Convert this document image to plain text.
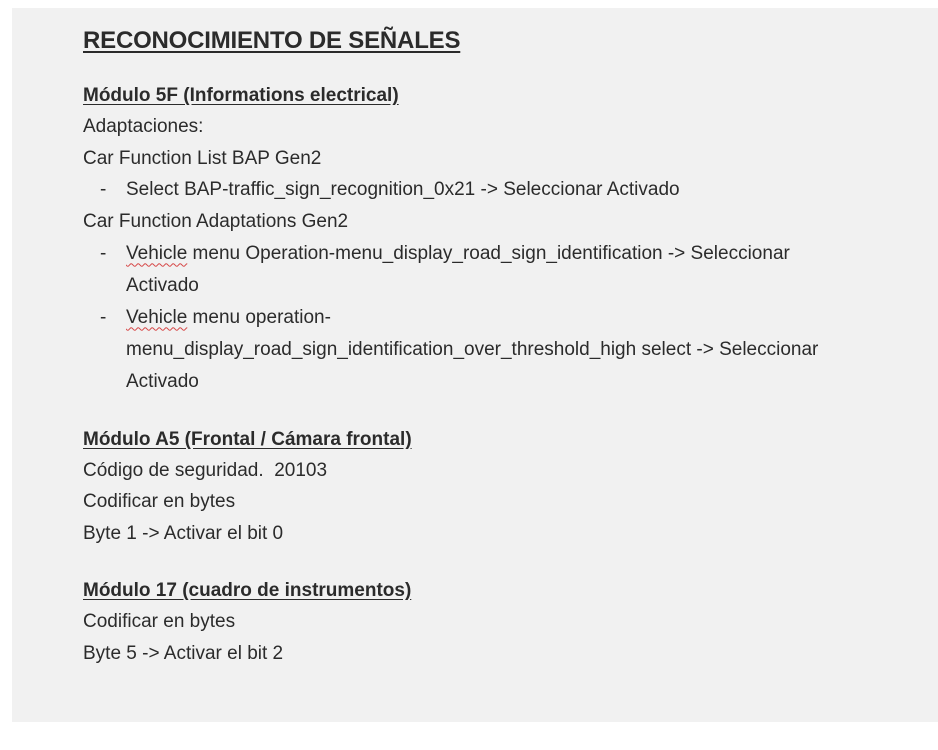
RECONOCIMIENTO DE SEÑALES
Módulo 5F (Informations electrical)

Adaptaciones:

Car Function List BAP Gen2

- Select BAP-traffic_sign_recognition_0x21 -> Seleccionar Activado

Car Function Adaptations Gen2

- Vehicle menu Operation-menu_display_road_sign_identification -> Seleccionar
Activado
- Vehicle menu operation-
menu_display_road_sign_identification_over_threshold_high select -> Seleccionar
Activado
Módulo A5 (Frontal / Cámara frontal)

Código de seguridad.  20103

Codificar en bytes

Byte 1 -> Activar el bit 0

Módulo 17 (cuadro de instrumentos)

Codificar en bytes

Byte 5 -> Activar el bit 2
